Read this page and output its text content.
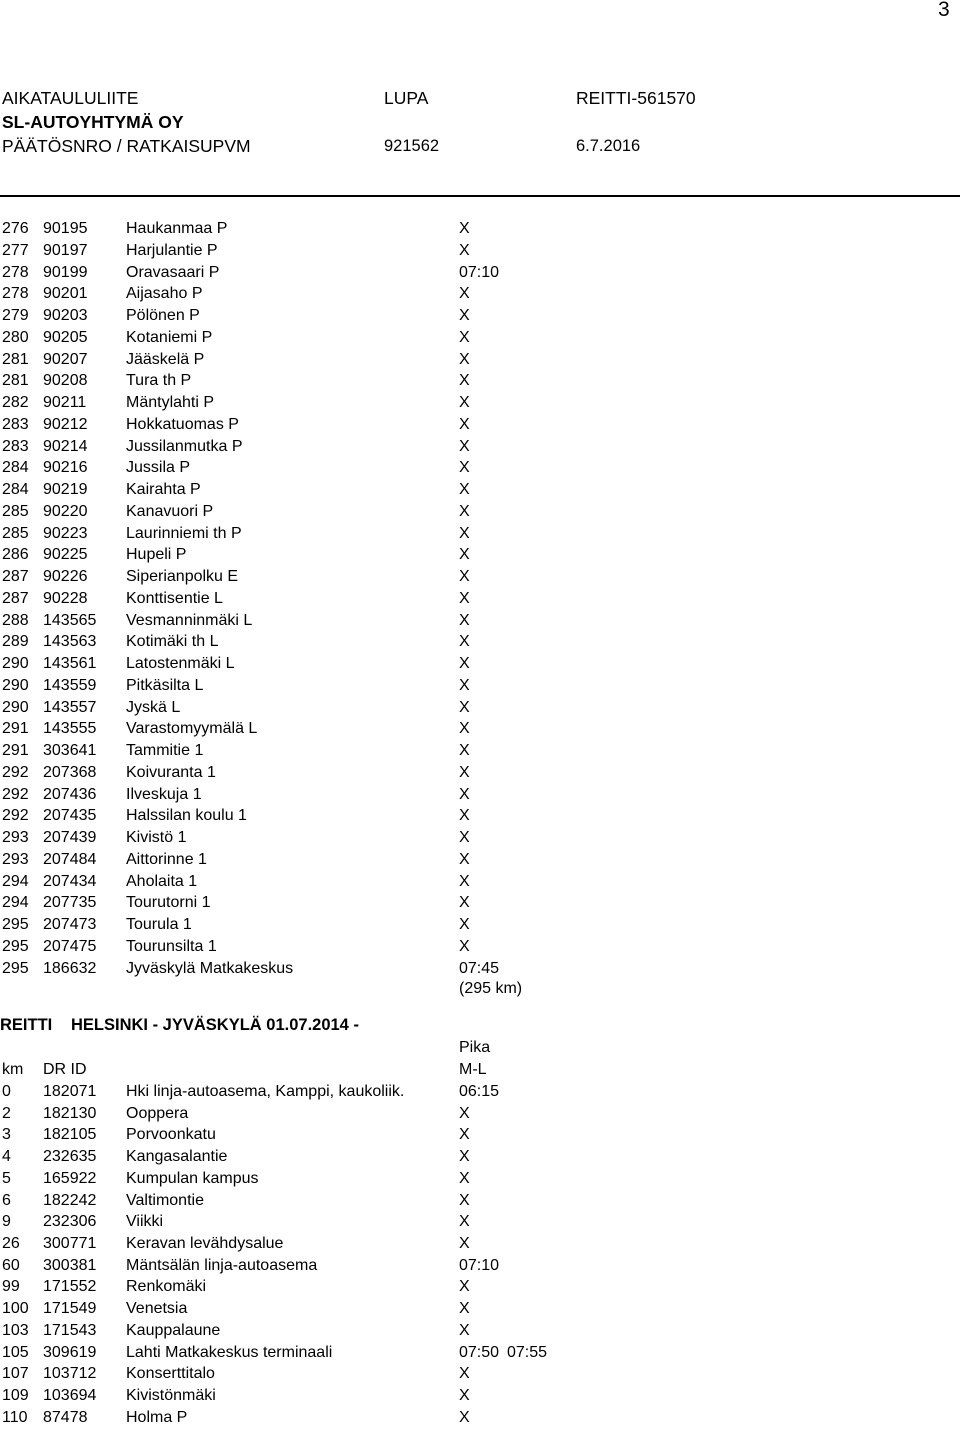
3
AIKATAULULIITE	LUPA	REITTI-561570
SL-AUTOYHTYMÄ OY
PÄÄTÖSNRO / RATKAISUPVM	921562	6.7.2016
276 90195 Haukanmaa P	X
277 90197 Harjulantie P	X
278 90199 Oravasaari P	07:10
278 90201 Aijasaho P	X
279 90203 Pölönen P	X
280 90205 Kotaniemi P	X
281 90207 Jääskelä P	X
281 90208 Tura th P	X
282 90211 Mäntylahti P	X
283 90212 Hokkatuomas P	X
283 90214 Jussilanmutka P	X
284 90216 Jussila P	X
284 90219 Kairahta P	X
285 90220 Kanavuori P	X
285 90223 Laurinniemi th P	X
286 90225 Hupeli P	X
287 90226 Siperianpolku E	X
287 90228 Konttisentie L	X
288 143565 Vesmanninmäki L	X
289 143563 Kotimäki th L	X
290 143561 Latostenmäki L	X
290 143559 Pitkäsilta L	X
290 143557 Jyskä L	X
291 143555 Varastomyymälä L	X
291 303641 Tammitie 1	X
292 207368 Koivuranta 1	X
292 207436 Ilveskuja 1	X
292 207435 Halssilan koulu 1	X
293 207439 Kivistö 1	X
293 207484 Aittorinne 1	X
294 207434 Aholaita 1	X
294 207735 Tourutorni 1	X
295 207473 Tourula 1	X
295 207475 Tourunsilta 1	X
295 186632 Jyväskylä Matkakeskus	07:45
(295 km)
REITTI HELSINKI - JYVÄSKYLÄ 01.07.2014 -
Pika
km DR ID	M-L
0 182071 Hki linja-autoasema, Kamppi, kaukoliik.	06:15
2 182130 Ooppera	X
3 182105 Porvoonkatu	X
4 232635 Kangasalantie	X
5 165922 Kumpulan kampus	X
6 182242 Valtimontie	X
9 232306 Viikki	X
26 300771 Keravan levähdysalue	X
60 300381 Mäntsälän linja-autoasema	07:10
99 171552 Renkomäki	X
100 171549 Venetsia	X
103 171543 Kauppalaune	X
105 309619 Lahti Matkakeskus terminaali	07:50 07:55
107 103712 Konserttitalo	X
109 103694 Kivistönmäki	X
110 87478 Holma P	X
